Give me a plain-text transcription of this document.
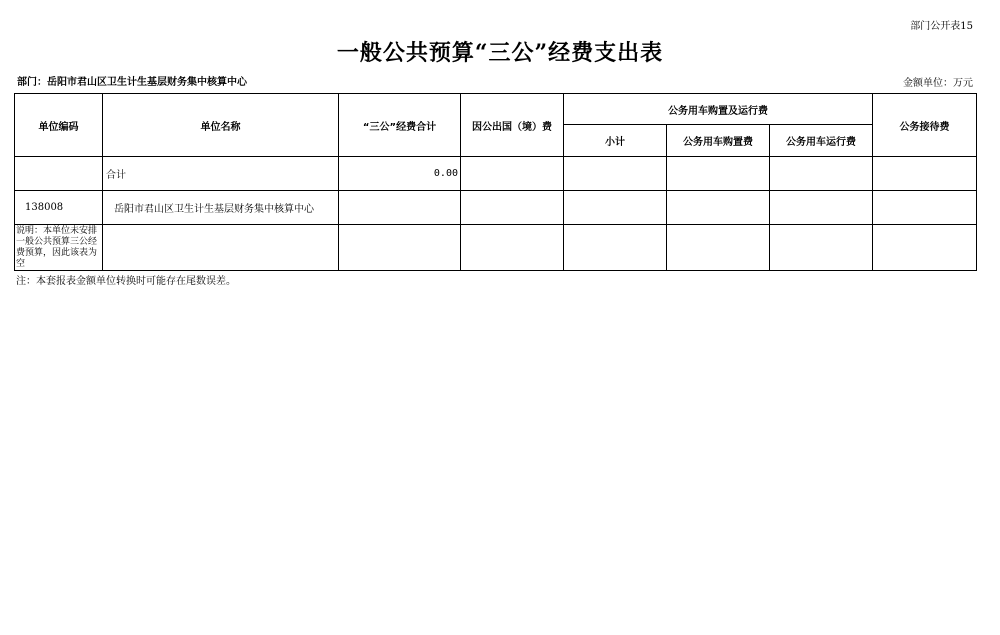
部门公开表15
一般公共预算“三公”经费支出表
部门：岳阳市君山区卫生计生基层财务集中核算中心	金额单位：万元
单位编码	单位名称	“三公”经费合计	因公出国（境）费	公务用车购置及运行费			公务接待费
				小计	公务用车购置费	公务用车运行费	
	合计	0.00					
138008	岳阳市君山区卫生计生基层财务集中核算中心						
说明：本单位未安排一般公共预算三公经费预算，因此该表为空							
注：本套报表金额单位转换时可能存在尾数误差。
